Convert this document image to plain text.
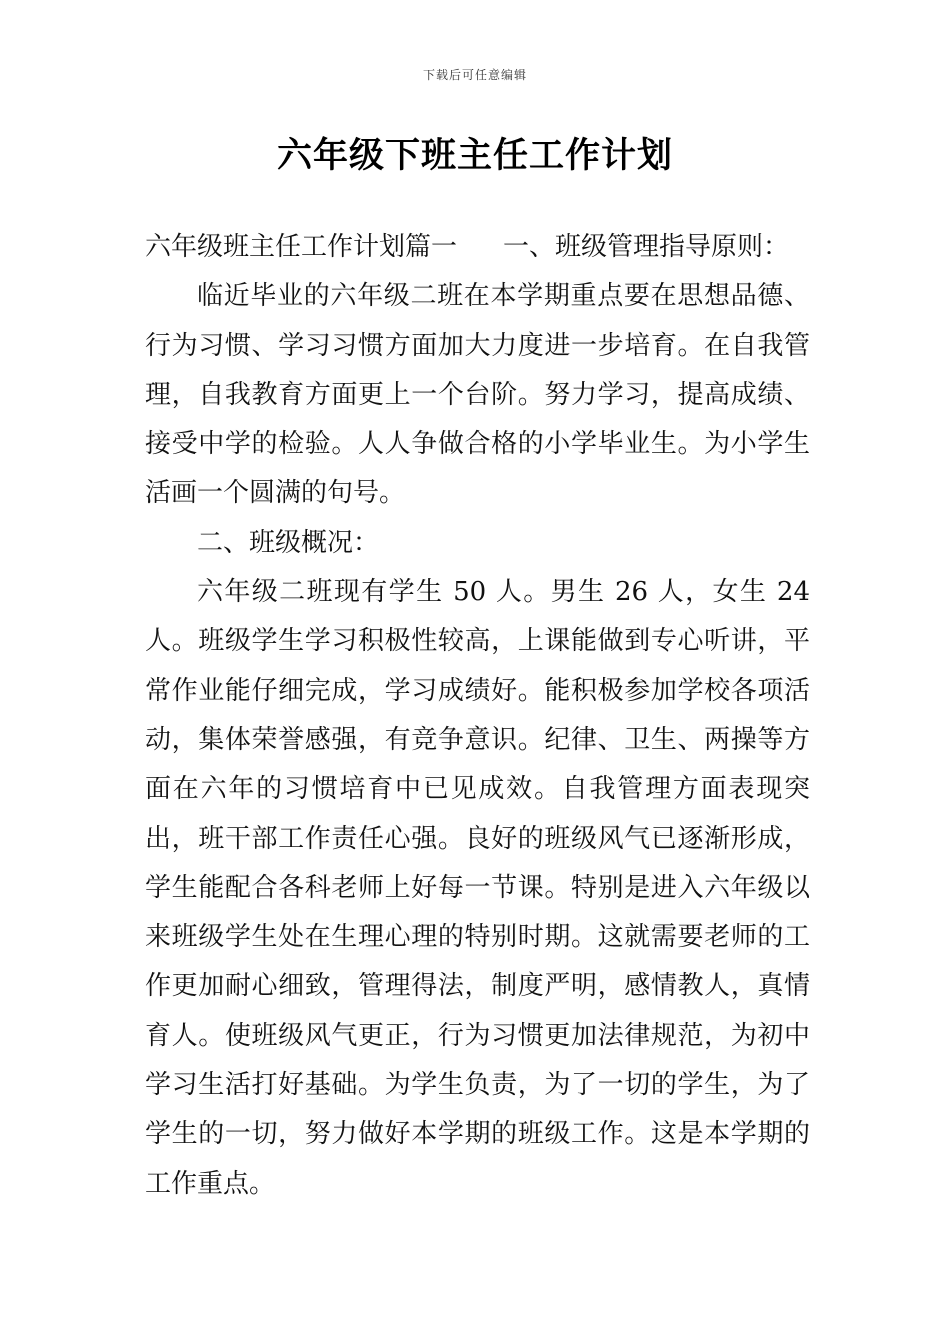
下载后可任意编辑
六年级下班主任工作计划

六年级班主任工作计划篇一 一、班级管理指导原则：

临近毕业的六年级二班在本学期重点要在思想品德、行为习惯、学习习惯方面加大力度进一步培育。在自我管理，自我教育方面更上一个台阶。努力学习，提高成绩、接受中学的检验。人人争做合格的小学毕业生。为小学生活画一个圆满的句号。

二、班级概况：

六年级二班现有学生 50 人。男生 26 人，女生 24 人。班级学生学习积极性较高，上课能做到专心听讲，平常作业能仔细完成，学习成绩好。能积极参加学校各项活动，集体荣誉感强，有竞争意识。纪律、卫生、两操等方面在六年的习惯培育中已见成效。自我管理方面表现突出，班干部工作责任心强。良好的班级风气已逐渐形成，学生能配合各科老师上好每一节课。特别是进入六年级以来班级学生处在生理心理的特别时期。这就需要老师的工作更加耐心细致，管理得法，制度严明，感情教人，真情育人。使班级风气更正，行为习惯更加法律规范，为初中学习生活打好基础。为学生负责，为了一切的学生，为了学生的一切，努力做好本学期的班级工作。这是本学期的工作重点。
